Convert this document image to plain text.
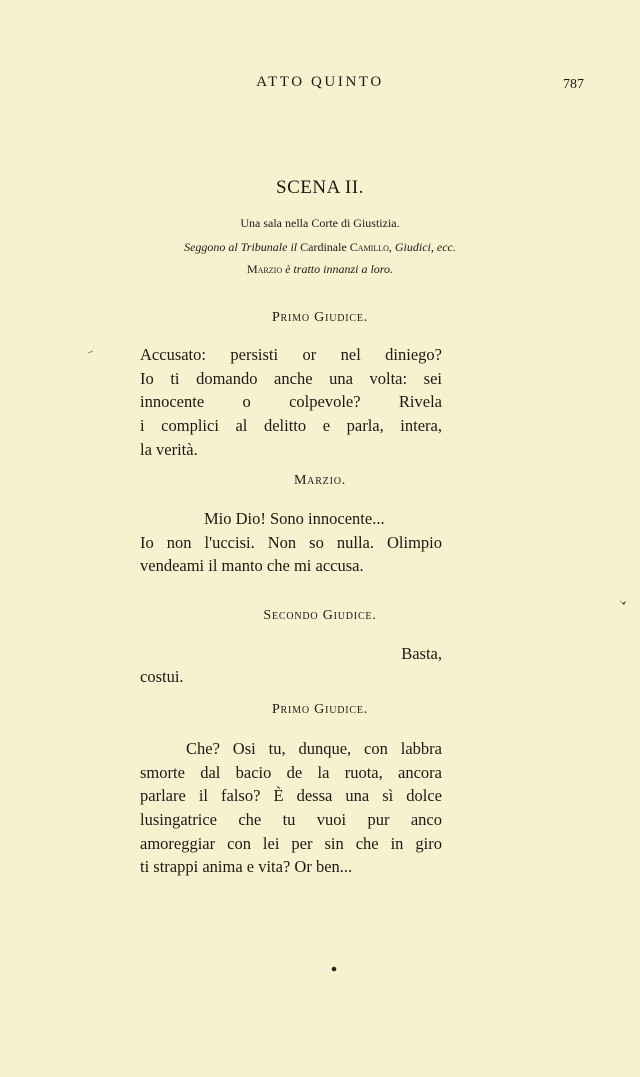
ATTO QUINTO	787
SCENA II.
Una sala nella Corte di Giustizia.
Seggono al Tribunale il Cardinale Camillo, Giudici, ecc.
Marzio è tratto innanzi a loro.
Primo Giudice.
Accusato: persisti or nel diniego?
Io ti domando anche una volta: sei
innocente o colpevole? Rivela
i complici al delitto e parla, intera,
la verità.
Marzio.
Mio Dio! Sono innocente...
Io non l'uccisi. Non so nulla. Olimpio
vendeami il manto che mi accusa.
Secondo Giudice.
Basta,
costui.
Primo Giudice.
Che? Osi tu, dunque, con labbra
smorte dal bacio de la ruota, ancora
parlare il falso? È dessa una sì dolce
lusingatrice che tu vuoi pur anco
amoreggiar con lei per sin che in giro
ti strappi anima e vita? Or ben...
